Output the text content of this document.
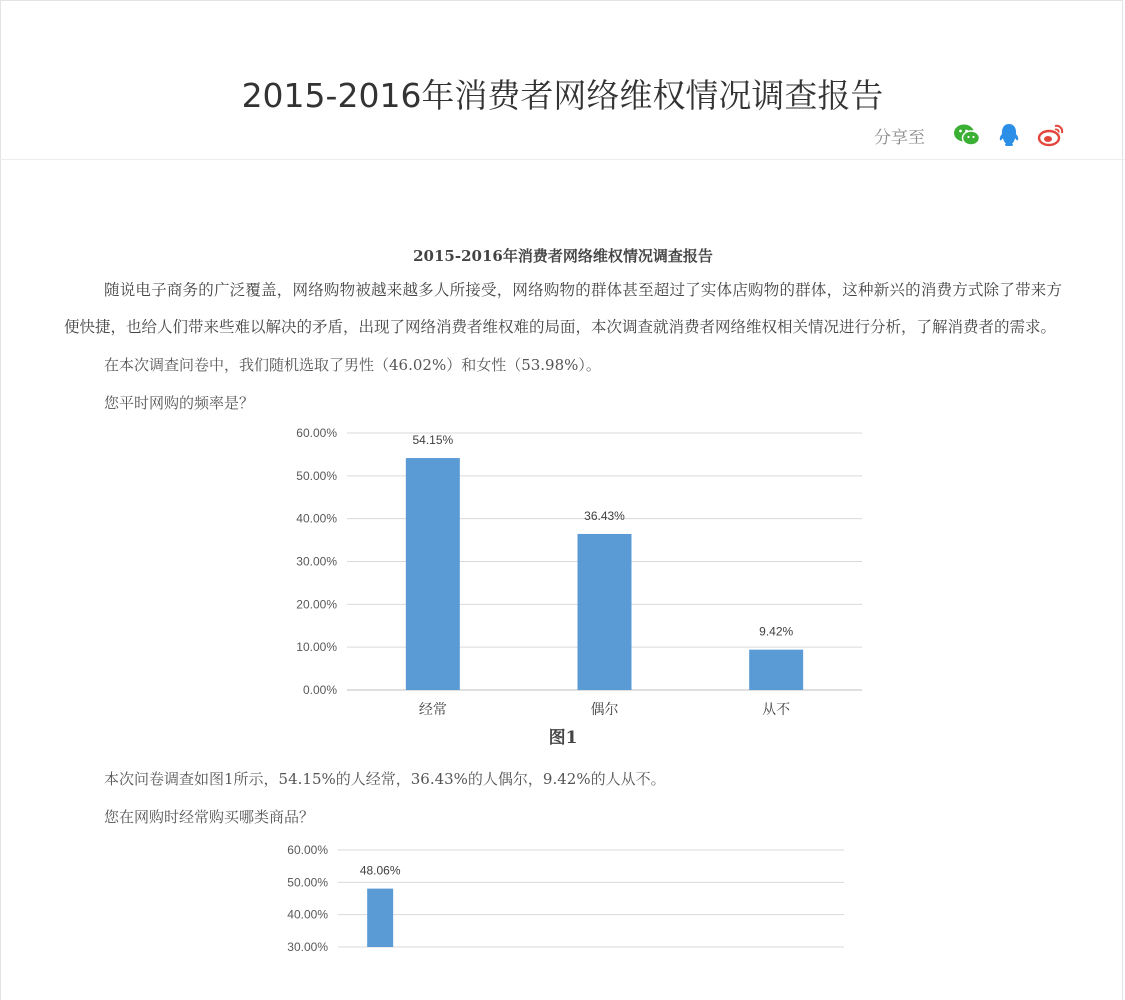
2015-2016年消费者网络维权情况调查报告
分享至
2015-2016年消费者网络维权情况调查报告

随说电子商务的广泛覆盖，网络购物被越来越多人所接受，网络购物的群体甚至超过了实体店购物的群体，这种新兴的消费方式除了带来方便快捷，也给人们带来些难以解决的矛盾，出现了网络消费者维权难的局面，本次调查就消费者网络维权相关情况进行分析，了解消费者的需求。

在本次调查问卷中，我们随机选取了男性（46.02%）和女性（53.98%）。

您平时网购的频率是？

0.00%
10.00%
20.00%
30.00%
40.00%
50.00%
60.00%
54.15%
经常
36.43%
偶尔
9.42%
从不
图1

本次问卷调查如图1所示，54.15%的人经常，36.43%的人偶尔，9.42%的人从不。

您在网购时经常购买哪类商品？

30.00%
40.00%
50.00%
60.00%
48.06%
